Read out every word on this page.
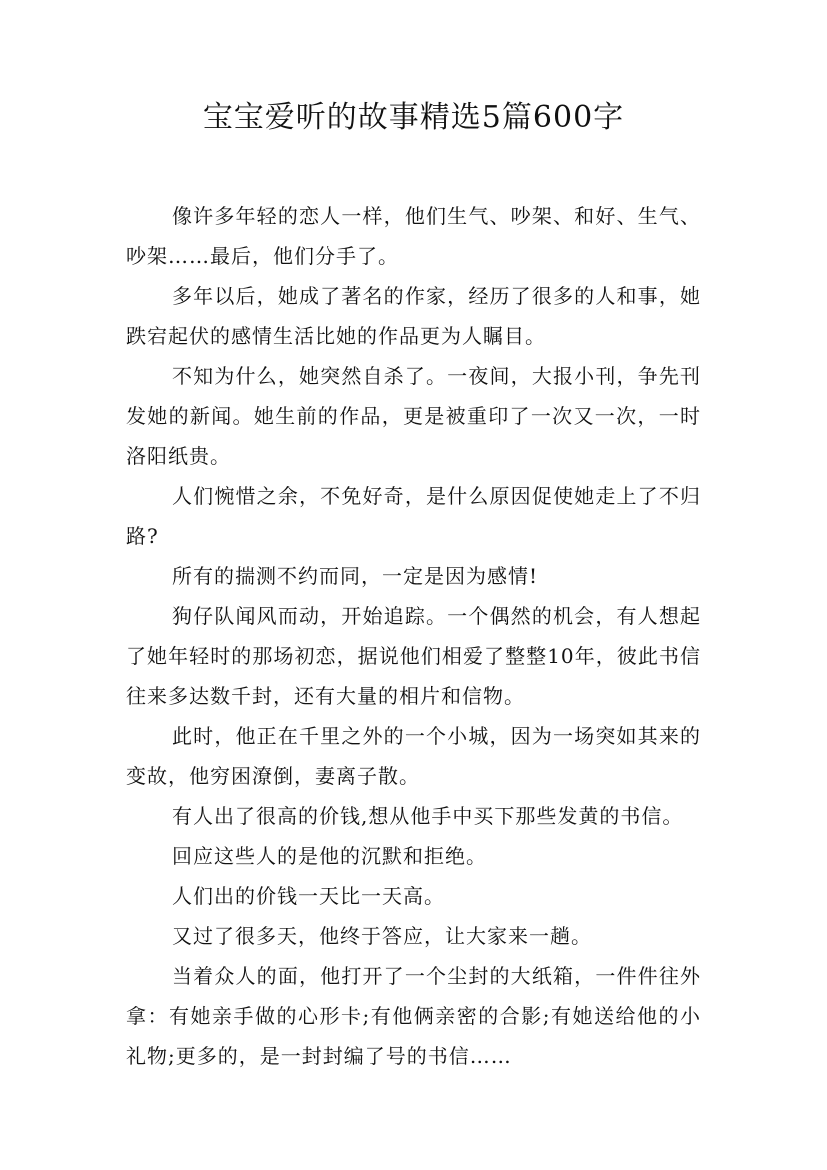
宝宝爱听的故事精选5篇600字

像许多年轻的恋人一样，他们生气、吵架、和好、生气、吵架……最后，他们分手了。

多年以后，她成了著名的作家，经历了很多的人和事，她跌宕起伏的感情生活比她的作品更为人瞩目。

不知为什么，她突然自杀了。一夜间，大报小刊，争先刊发她的新闻。她生前的作品，更是被重印了一次又一次，一时洛阳纸贵。

人们惋惜之余，不免好奇，是什么原因促使她走上了不归路?

所有的揣测不约而同，一定是因为感情!

狗仔队闻风而动，开始追踪。一个偶然的机会，有人想起了她年轻时的那场初恋，据说他们相爱了整整10年，彼此书信往来多达数千封，还有大量的相片和信物。

此时，他正在千里之外的一个小城，因为一场突如其来的变故，他穷困潦倒，妻离子散。

有人出了很高的价钱,想从他手中买下那些发黄的书信。

回应这些人的是他的沉默和拒绝。

人们出的价钱一天比一天高。

又过了很多天，他终于答应，让大家来一趟。

当着众人的面，他打开了一个尘封的大纸箱，一件件往外拿：有她亲手做的心形卡;有他俩亲密的合影;有她送给他的小礼物;更多的，是一封封编了号的书信……
